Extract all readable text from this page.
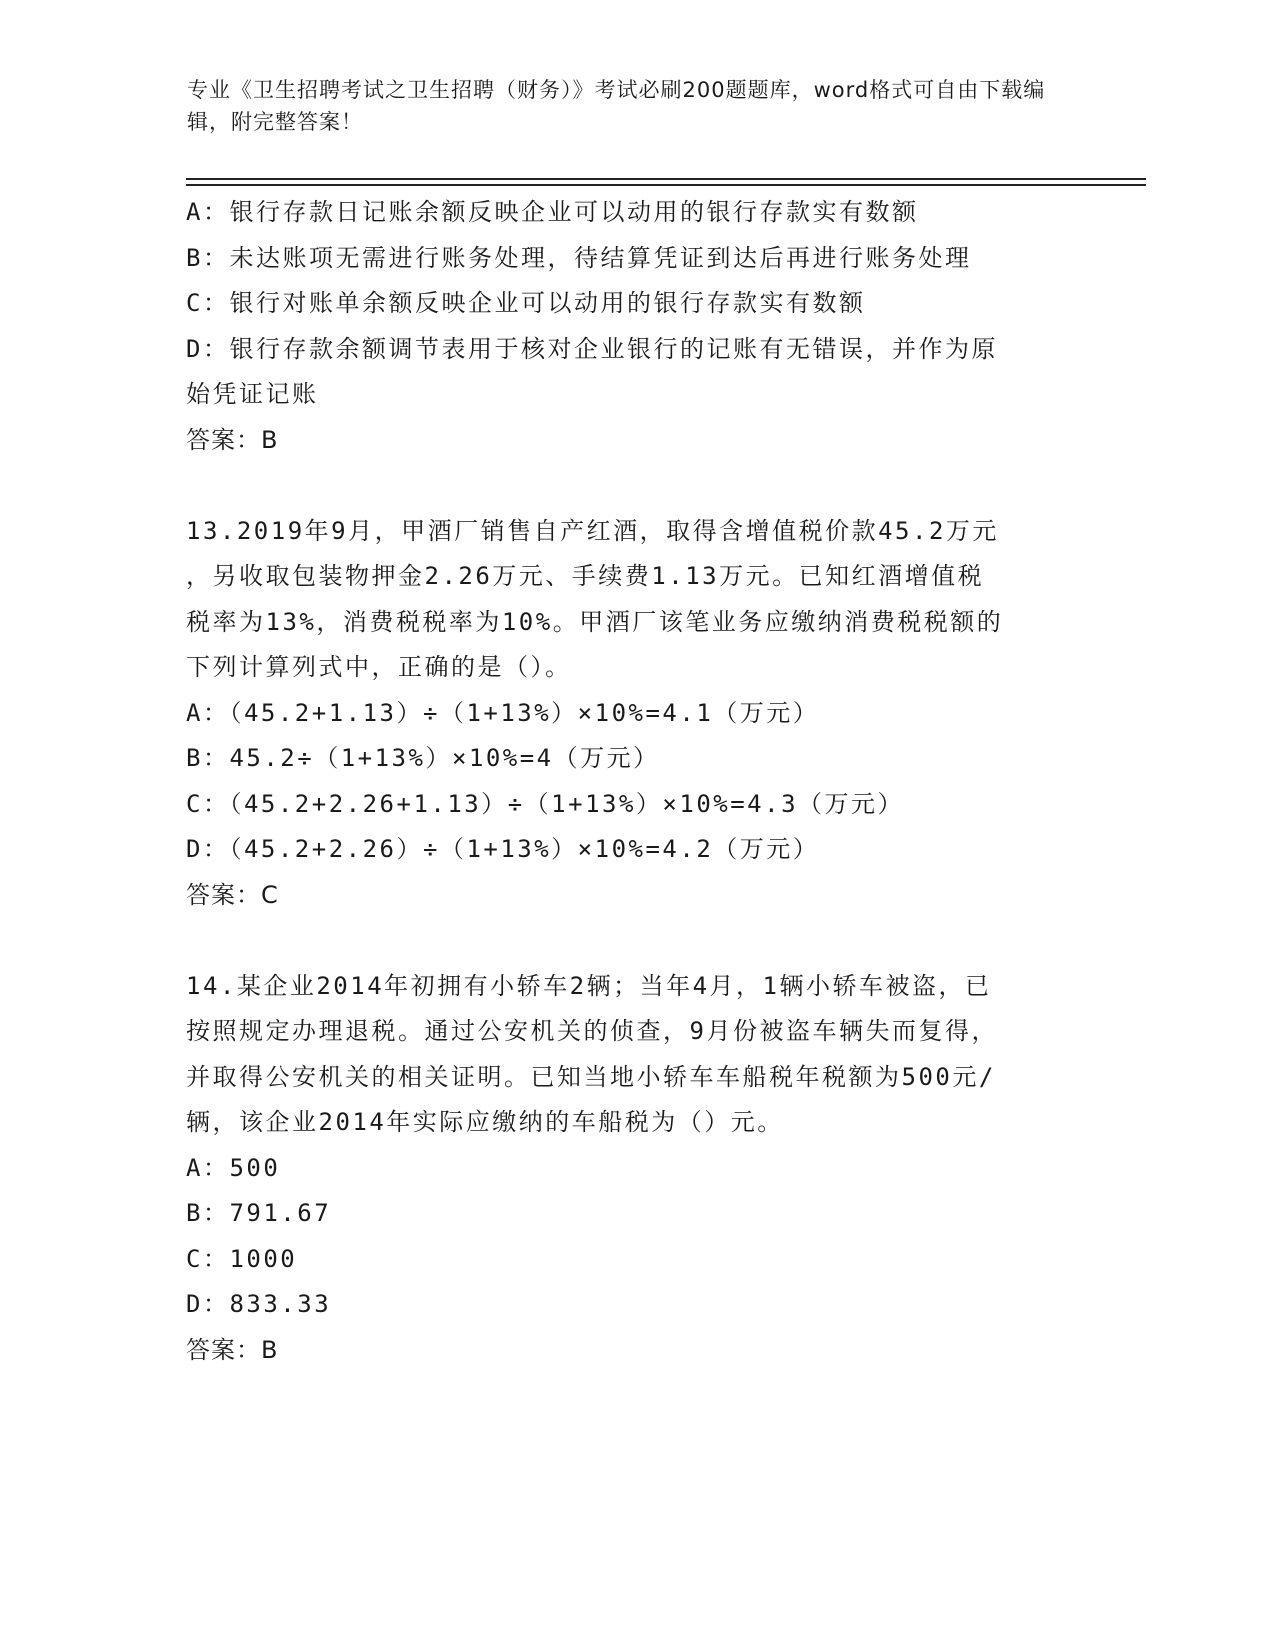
专业《卫生招聘考试之卫生招聘（财务）》考试必刷200题题库，word格式可自由下载编辑，附完整答案！
A：银行存款日记账余额反映企业可以动用的银行存款实有数额
B：未达账项无需进行账务处理，待结算凭证到达后再进行账务处理
C：银行对账单余额反映企业可以动用的银行存款实有数额
D：银行存款余额调节表用于核对企业银行的记账有无错误，并作为原
始凭证记账
答案：B
13.2019年9月，甲酒厂销售自产红酒，取得含增值税价款45.2万元
，另收取包装物押金2.26万元、手续费1.13万元。已知红酒增值税
税率为13%，消费税税率为10%。甲酒厂该笔业务应缴纳消费税税额的
下列计算列式中，正确的是（）。
A：（45.2+1.13）÷（1+13%）×10%=4.1（万元）
B：45.2÷（1+13%）×10%=4（万元）
C：（45.2+2.26+1.13）÷（1+13%）×10%=4.3（万元）
D：（45.2+2.26）÷（1+13%）×10%=4.2（万元）
答案：C
14.某企业2014年初拥有小轿车2辆；当年4月，1辆小轿车被盗，已
按照规定办理退税。通过公安机关的侦查，9月份被盗车辆失而复得，
并取得公安机关的相关证明。已知当地小轿车车船税年税额为500元/
辆，该企业2014年实际应缴纳的车船税为（）元。
A：500
B：791.67
C：1000
D：833.33
答案：B
